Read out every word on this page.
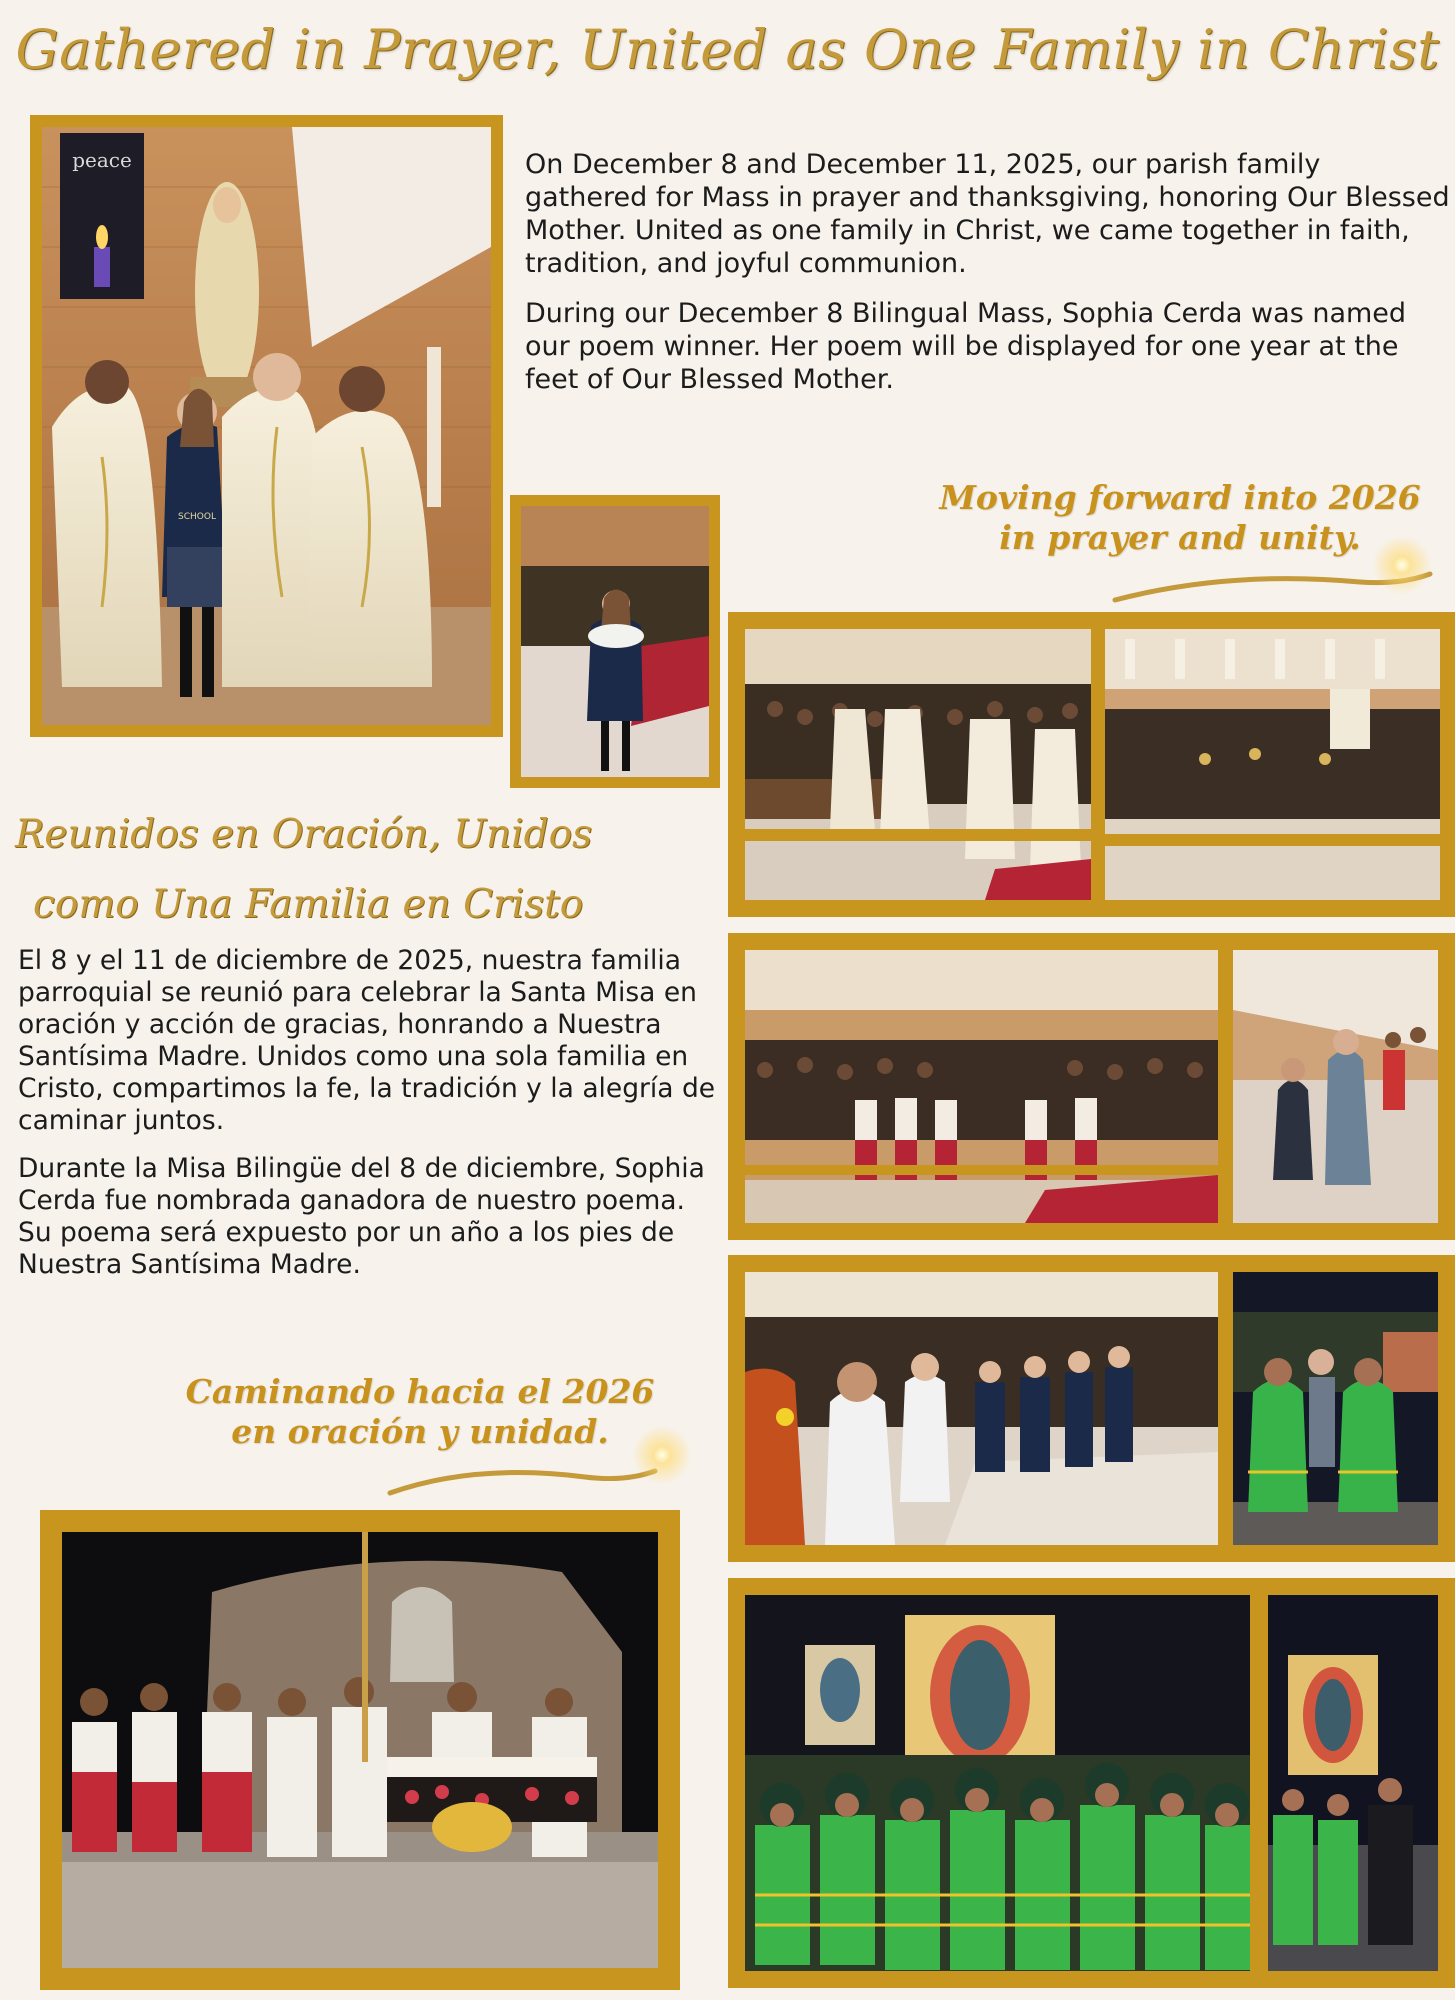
Gathered in Prayer, United as One Family in Christ
peace
SCHOOL

On December 8 and December 11, 2025, our parish family gathered for Mass in prayer and thanksgiving, honoring Our Blessed Mother. United as one family in Christ, we came together in faith, tradition, and joyful communion.

During our December 8 Bilingual Mass, Sophia Cerda was named our poem winner. Her poem will be displayed for one year at the feet of Our Blessed Mother.

Moving forward into 2026
in prayer and unity.
Reunidos en Oración, Unidos
como Una Familia en Cristo

El 8 y el 11 de diciembre de 2025, nuestra familia parroquial se reunió para celebrar la Santa Misa en oración y acción de gracias, honrando a Nuestra Santísima Madre. Unidos como una sola familia en Cristo, compartimos la fe, la tradición y la alegría de caminar juntos.

Durante la Misa Bilingüe del 8 de diciembre, Sophia Cerda fue nombrada ganadora de nuestro poema. Su poema será expuesto por un año a los pies de Nuestra Santísima Madre.

Caminando hacia el 2026
en oración y unidad.
